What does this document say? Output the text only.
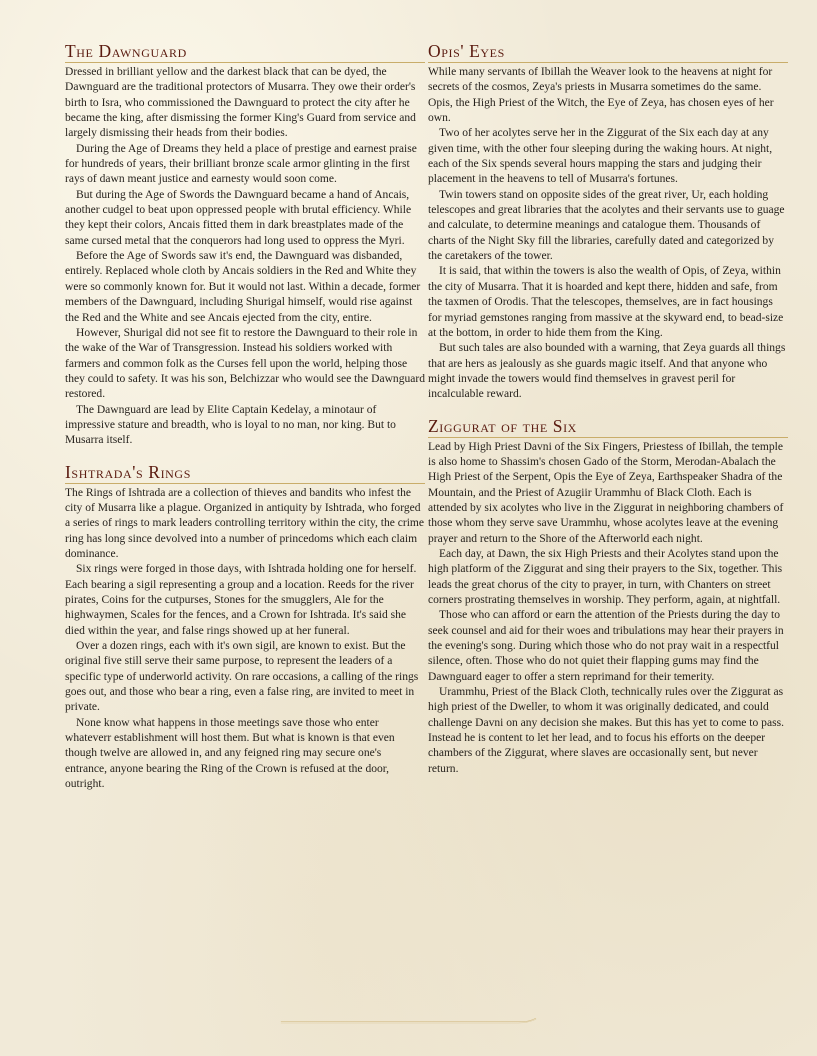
The Dawnguard

Dressed in brilliant yellow and the darkest black that can be dyed, the Dawnguard are the traditional protectors of Musarra. They owe their order's birth to Isra, who commissioned the Dawnguard to protect the city after he became the king, after dismissing the former King's Guard from service and largely dismissing their heads from their bodies.

During the Age of Dreams they held a place of prestige and earnest praise for hundreds of years, their brilliant bronze scale armor glinting in the first rays of dawn meant justice and earnesty would soon come.

But during the Age of Swords the Dawnguard became a hand of Ancais, another cudgel to beat upon oppressed people with brutal efficiency. While they kept their colors, Ancais fitted them in dark breastplates made of the same cursed metal that the conquerors had long used to oppress the Myri.

Before the Age of Swords saw it's end, the Dawnguard was disbanded, entirely. Replaced whole cloth by Ancais soldiers in the Red and White they were so commonly known for. But it would not last. Within a decade, former members of the Dawnguard, including Shurigal himself, would rise against the Red and the White and see Ancais ejected from the city, entire.

However, Shurigal did not see fit to restore the Dawnguard to their role in the wake of the War of Transgression. Instead his soldiers worked with farmers and common folk as the Curses fell upon the world, helping those they could to safety. It was his son, Belchizzar who would see the Dawnguard restored.

The Dawnguard are lead by Elite Captain Kedelay, a minotaur of impressive stature and breadth, who is loyal to no man, nor king. But to Musarra itself.

Ishtrada's Rings

The Rings of Ishtrada are a collection of thieves and bandits who infest the city of Musarra like a plague. Organized in antiquity by Ishtrada, who forged a series of rings to mark leaders controlling territory within the city, the crime ring has long since devolved into a number of princedoms which each claim dominance.

Six rings were forged in those days, with Ishtrada holding one for herself. Each bearing a sigil representing a group and a location. Reeds for the river pirates, Coins for the cutpurses, Stones for the smugglers, Ale for the highwaymen, Scales for the fences, and a Crown for Ishtrada. It's said she died within the year, and false rings showed up at her funeral.

Over a dozen rings, each with it's own sigil, are known to exist. But the original five still serve their same purpose, to represent the leaders of a specific type of underworld activity. On rare occasions, a calling of the rings goes out, and those who bear a ring, even a false ring, are invited to meet in private.

None know what happens in those meetings save those who enter whateverr establishment will host them. But what is known is that even though twelve are allowed in, and any feigned ring may secure one's entrance, anyone bearing the Ring of the Crown is refused at the door, outright.

Opis' Eyes

While many servants of Ibillah the Weaver look to the heavens at night for secrets of the cosmos, Zeya's priests in Musarra sometimes do the same. Opis, the High Priest of the Witch, the Eye of Zeya, has chosen eyes of her own.

Two of her acolytes serve her in the Ziggurat of the Six each day at any given time, with the other four sleeping during the waking hours. At night, each of the Six spends several hours mapping the stars and judging their placement in the heavens to tell of Musarra's fortunes.

Twin towers stand on opposite sides of the great river, Ur, each holding telescopes and great libraries that the acolytes and their servants use to guage and calculate, to determine meanings and catalogue them. Thousands of charts of the Night Sky fill the libraries, carefully dated and categorized by the caretakers of the tower.

It is said, that within the towers is also the wealth of Opis, of Zeya, within the city of Musarra. That it is hoarded and kept there, hidden and safe, from the taxmen of Orodis. That the telescopes, themselves, are in fact housings for myriad gemstones ranging from massive at the skyward end, to bead-size at the bottom, in order to hide them from the King.

But such tales are also bounded with a warning, that Zeya guards all things that are hers as jealously as she guards magic itself. And that anyone who might invade the towers would find themselves in gravest peril for incalculable reward.

Ziggurat of the Six

Lead by High Priest Davni of the Six Fingers, Priestess of Ibillah, the temple is also home to Shassim's chosen Gado of the Storm, Merodan-Abalach the High Priest of the Serpent, Opis the Eye of Zeya, Earthspeaker Shadra of the Mountain, and the Priest of Azugiir Urammhu of Black Cloth. Each is attended by six acolytes who live in the Ziggurat in neighboring chambers of those whom they serve save Urammhu, whose acolytes leave at the evening prayer and return to the Shore of the Afterworld each night.

Each day, at Dawn, the six High Priests and their Acolytes stand upon the high platform of the Ziggurat and sing their prayers to the Six, together. This leads the great chorus of the city to prayer, in turn, with Chanters on street corners prostrating themselves in worship. They perform, again, at nightfall.

Those who can afford or earn the attention of the Priests during the day to seek counsel and aid for their woes and tribulations may hear their prayers in the evening's song. During which those who do not pray wait in a respectful silence, often. Those who do not quiet their flapping gums may find the Dawnguard eager to offer a stern reprimand for their temerity.

Urammhu, Priest of the Black Cloth, technically rules over the Ziggurat as high priest of the Dweller, to whom it was originally dedicated, and could challenge Davni on any decision she makes. But this has yet to come to pass. Instead he is content to let her lead, and to focus his efforts on the deeper chambers of the Ziggurat, where slaves are occasionally sent, but never return.
